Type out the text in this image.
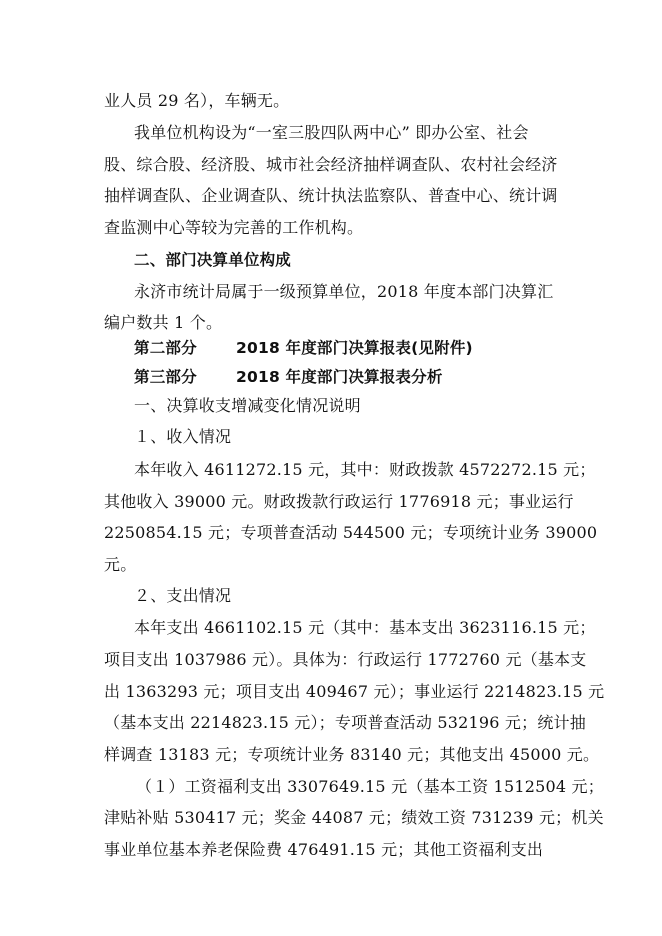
业人员 29 名），车辆无。
我单位机构设为“一室三股四队两中心” 即办公室、社会
股、综合股、经济股、城市社会经济抽样调查队、农村社会经济
抽样调查队、企业调查队、统计执法监察队、普查中心、统计调
查监测中心等较为完善的工作机构。
二、部门决算单位构成
永济市统计局属于一级预算单位，2018 年度本部门决算汇
编户数共 1 个。
第二部分	2018 年度部门决算报表(见附件)
第三部分	2018 年度部门决算报表分析
一、决算收支增减变化情况说明
１、收入情况
本年收入 4611272.15 元，其中：财政拨款 4572272.15 元；
其他收入 39000 元。财政拨款行政运行 1776918 元；事业运行
2250854.15 元；专项普查活动 544500 元；专项统计业务 39000
元。
２、支出情况
本年支出 4661102.15 元（其中：基本支出 3623116.15 元；
项目支出 1037986 元）。具体为：行政运行 1772760 元（基本支
出 1363293 元；项目支出 409467 元）；事业运行 2214823.15 元
（基本支出 2214823.15 元）；专项普查活动 532196 元；统计抽
样调查 13183 元；专项统计业务 83140 元；其他支出 45000 元。
（１）工资福利支出 3307649.15 元（基本工资 1512504 元；
津贴补贴 530417 元；奖金 44087 元；绩效工资 731239 元；机关
事业单位基本养老保险费 476491.15 元；其他工资福利支出
